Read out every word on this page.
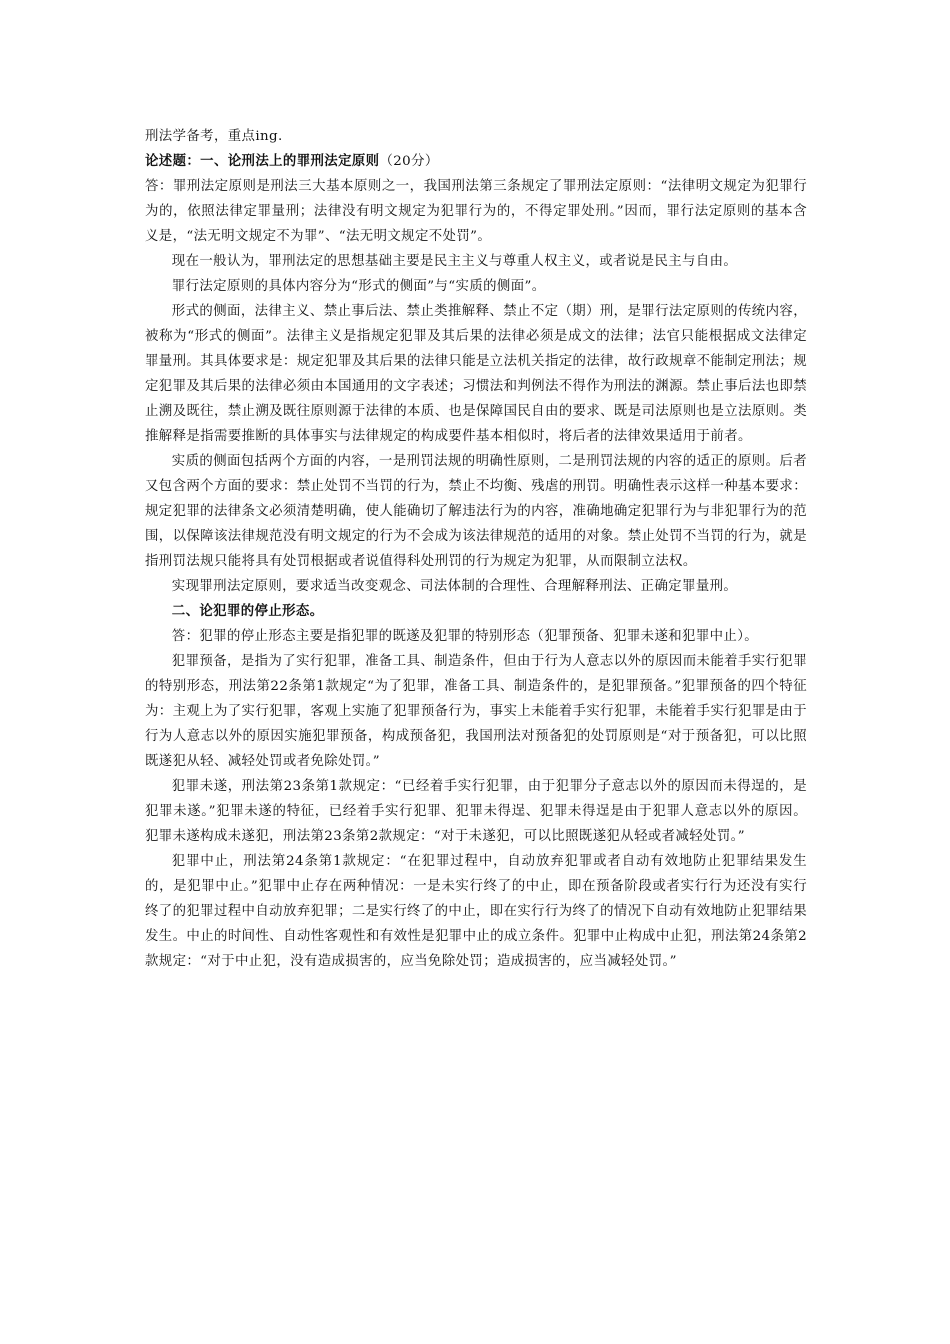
刑法学备考，重点ing.

论述题：一、论刑法上的罪刑法定原则（20分）

答：罪刑法定原则是刑法三大基本原则之一，我国刑法第三条规定了罪刑法定原则：“法律明文规定为犯罪行为的，依照法律定罪量刑；法律没有明文规定为犯罪行为的，不得定罪处刑。”因而，罪行法定原则的基本含义是，“法无明文规定不为罪”、“法无明文规定不处罚”。

现在一般认为，罪刑法定的思想基础主要是民主主义与尊重人权主义，或者说是民主与自由。

罪行法定原则的具体内容分为“形式的侧面”与“实质的侧面”。

形式的侧面，法律主义、禁止事后法、禁止类推解释、禁止不定（期）刑，是罪行法定原则的传统内容，被称为“形式的侧面”。法律主义是指规定犯罪及其后果的法律必须是成文的法律；法官只能根据成文法律定罪量刑。其具体要求是：规定犯罪及其后果的法律只能是立法机关指定的法律，故行政规章不能制定刑法；规定犯罪及其后果的法律必须由本国通用的文字表述；习惯法和判例法不得作为刑法的渊源。禁止事后法也即禁止溯及既往，禁止溯及既往原则源于法律的本质、也是保障国民自由的要求、既是司法原则也是立法原则。类推解释是指需要推断的具体事实与法律规定的构成要件基本相似时，将后者的法律效果适用于前者。

实质的侧面包括两个方面的内容，一是刑罚法规的明确性原则，二是刑罚法规的内容的适正的原则。后者又包含两个方面的要求：禁止处罚不当罚的行为，禁止不均衡、残虐的刑罚。明确性表示这样一种基本要求：规定犯罪的法律条文必须清楚明确，使人能确切了解违法行为的内容，准确地确定犯罪行为与非犯罪行为的范围，以保障该法律规范没有明文规定的行为不会成为该法律规范的适用的对象。禁止处罚不当罚的行为，就是指刑罚法规只能将具有处罚根据或者说值得科处刑罚的行为规定为犯罪，从而限制立法权。

实现罪刑法定原则，要求适当改变观念、司法体制的合理性、合理解释刑法、正确定罪量刑。

二、论犯罪的停止形态。

答：犯罪的停止形态主要是指犯罪的既遂及犯罪的特别形态（犯罪预备、犯罪未遂和犯罪中止）。

犯罪预备，是指为了实行犯罪，准备工具、制造条件，但由于行为人意志以外的原因而未能着手实行犯罪的特别形态，刑法第22条第1款规定“为了犯罪，准备工具、制造条件的，是犯罪预备。”犯罪预备的四个特征为：主观上为了实行犯罪，客观上实施了犯罪预备行为，事实上未能着手实行犯罪，未能着手实行犯罪是由于行为人意志以外的原因实施犯罪预备，构成预备犯，我国刑法对预备犯的处罚原则是“对于预备犯，可以比照既遂犯从轻、减轻处罚或者免除处罚。”

犯罪未遂，刑法第23条第1款规定：“已经着手实行犯罪，由于犯罪分子意志以外的原因而未得逞的，是犯罪未遂。”犯罪未遂的特征，已经着手实行犯罪、犯罪未得逞、犯罪未得逞是由于犯罪人意志以外的原因。犯罪未遂构成未遂犯，刑法第23条第2款规定：“对于未遂犯，可以比照既遂犯从轻或者减轻处罚。”

犯罪中止，刑法第24条第1款规定：“在犯罪过程中，自动放弃犯罪或者自动有效地防止犯罪结果发生的，是犯罪中止。”犯罪中止存在两种情况：一是未实行终了的中止，即在预备阶段或者实行行为还没有实行终了的犯罪过程中自动放弃犯罪；二是实行终了的中止，即在实行行为终了的情况下自动有效地防止犯罪结果发生。中止的时间性、自动性客观性和有效性是犯罪中止的成立条件。犯罪中止构成中止犯，刑法第24条第2款规定：“对于中止犯，没有造成损害的，应当免除处罚；造成损害的，应当减轻处罚。”
